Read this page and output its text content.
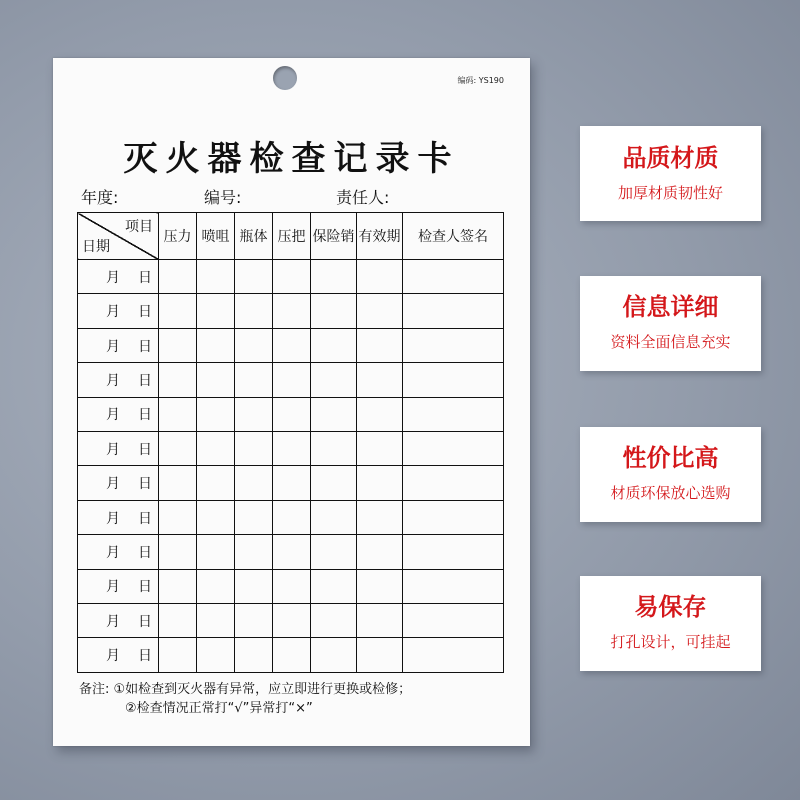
编码: YS190
灭火器检查记录卡
年度:	编号:	责任人:
项目
日期	压力	喷咀	瓶体	压把	保险销	有效期	检查人签名
月 日							
月 日							
月 日							
月 日							
月 日							
月 日							
月 日							
月 日							
月 日							
月 日							
月 日							
月 日							
备注: ①如检查到灭火器有异常，应立即进行更换或检修；
②检查情况正常打“√”异常打“×”
品质材质
加厚材质韧性好
信息详细
资料全面信息充实
性价比高
材质环保放心选购
易保存
打孔设计，可挂起
